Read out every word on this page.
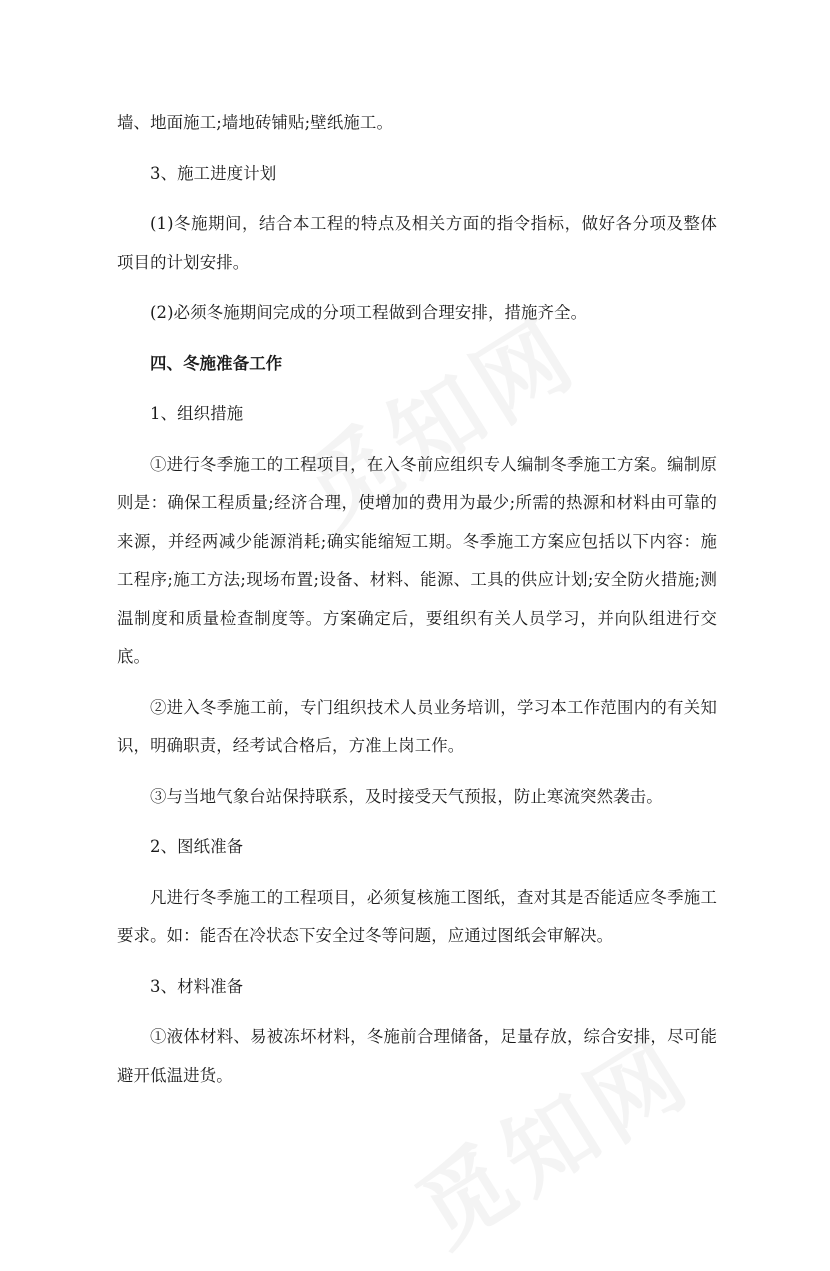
墙、地面施工;墙地砖铺贴;壁纸施工。

3、施工进度计划

(1)冬施期间，结合本工程的特点及相关方面的指令指标，做好各分项及整体项目的计划安排。

(2)必须冬施期间完成的分项工程做到合理安排，措施齐全。

四、冬施准备工作

1、组织措施

①进行冬季施工的工程项目，在入冬前应组织专人编制冬季施工方案。编制原则是：确保工程质量;经济合理，使增加的费用为最少;所需的热源和材料由可靠的来源，并经两减少能源消耗;确实能缩短工期。冬季施工方案应包括以下内容：施工程序;施工方法;现场布置;设备、材料、能源、工具的供应计划;安全防火措施;测温制度和质量检查制度等。方案确定后，要组织有关人员学习，并向队组进行交底。

②进入冬季施工前，专门组织技术人员业务培训，学习本工作范围内的有关知识，明确职责，经考试合格后，方准上岗工作。

③与当地气象台站保持联系，及时接受天气预报，防止寒流突然袭击。

2、图纸准备

凡进行冬季施工的工程项目，必须复核施工图纸，查对其是否能适应冬季施工要求。如：能否在冷状态下安全过冬等问题，应通过图纸会审解决。

3、材料准备

①液体材料、易被冻坏材料，冬施前合理储备，足量存放，综合安排，尽可能避开低温进货。
